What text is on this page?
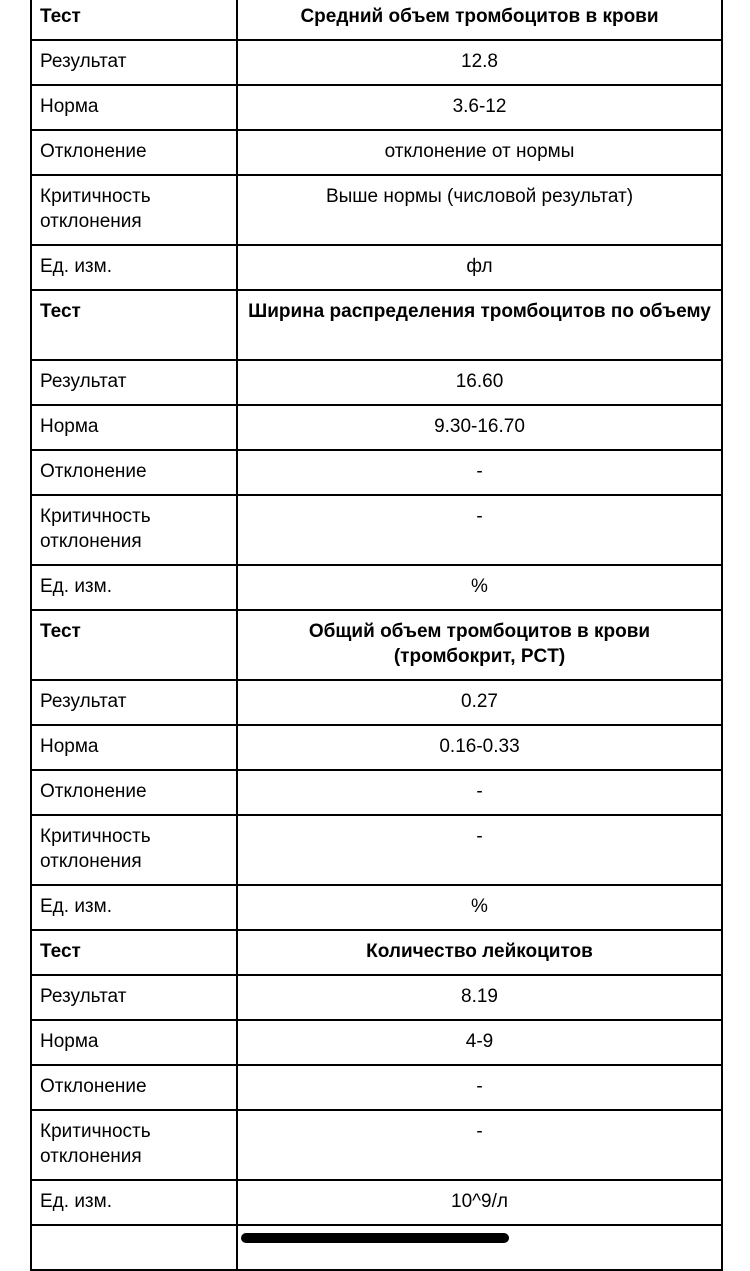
Тест	Средний объем тромбоцитов в крови
Результат	12.8
Норма	3.6-12
Отклонение	отклонение от нормы
Критичность отклонения	Выше нормы (числовой результат)
Ед. изм.	фл
Тест	Ширина распределения тромбоцитов по объему
Результат	16.60
Норма	9.30-16.70
Отклонение	-
Критичность отклонения	-
Ед. изм.	%
Тест	Общий объем тромбоцитов в крови (тромбокрит, PCT)
Результат	0.27
Норма	0.16-0.33
Отклонение	-
Критичность отклонения	-
Ед. изм.	%
Тест	Количество лейкоцитов
Результат	8.19
Норма	4-9
Отклонение	-
Критичность отклонения	-
Ед. изм.	10^9/л
